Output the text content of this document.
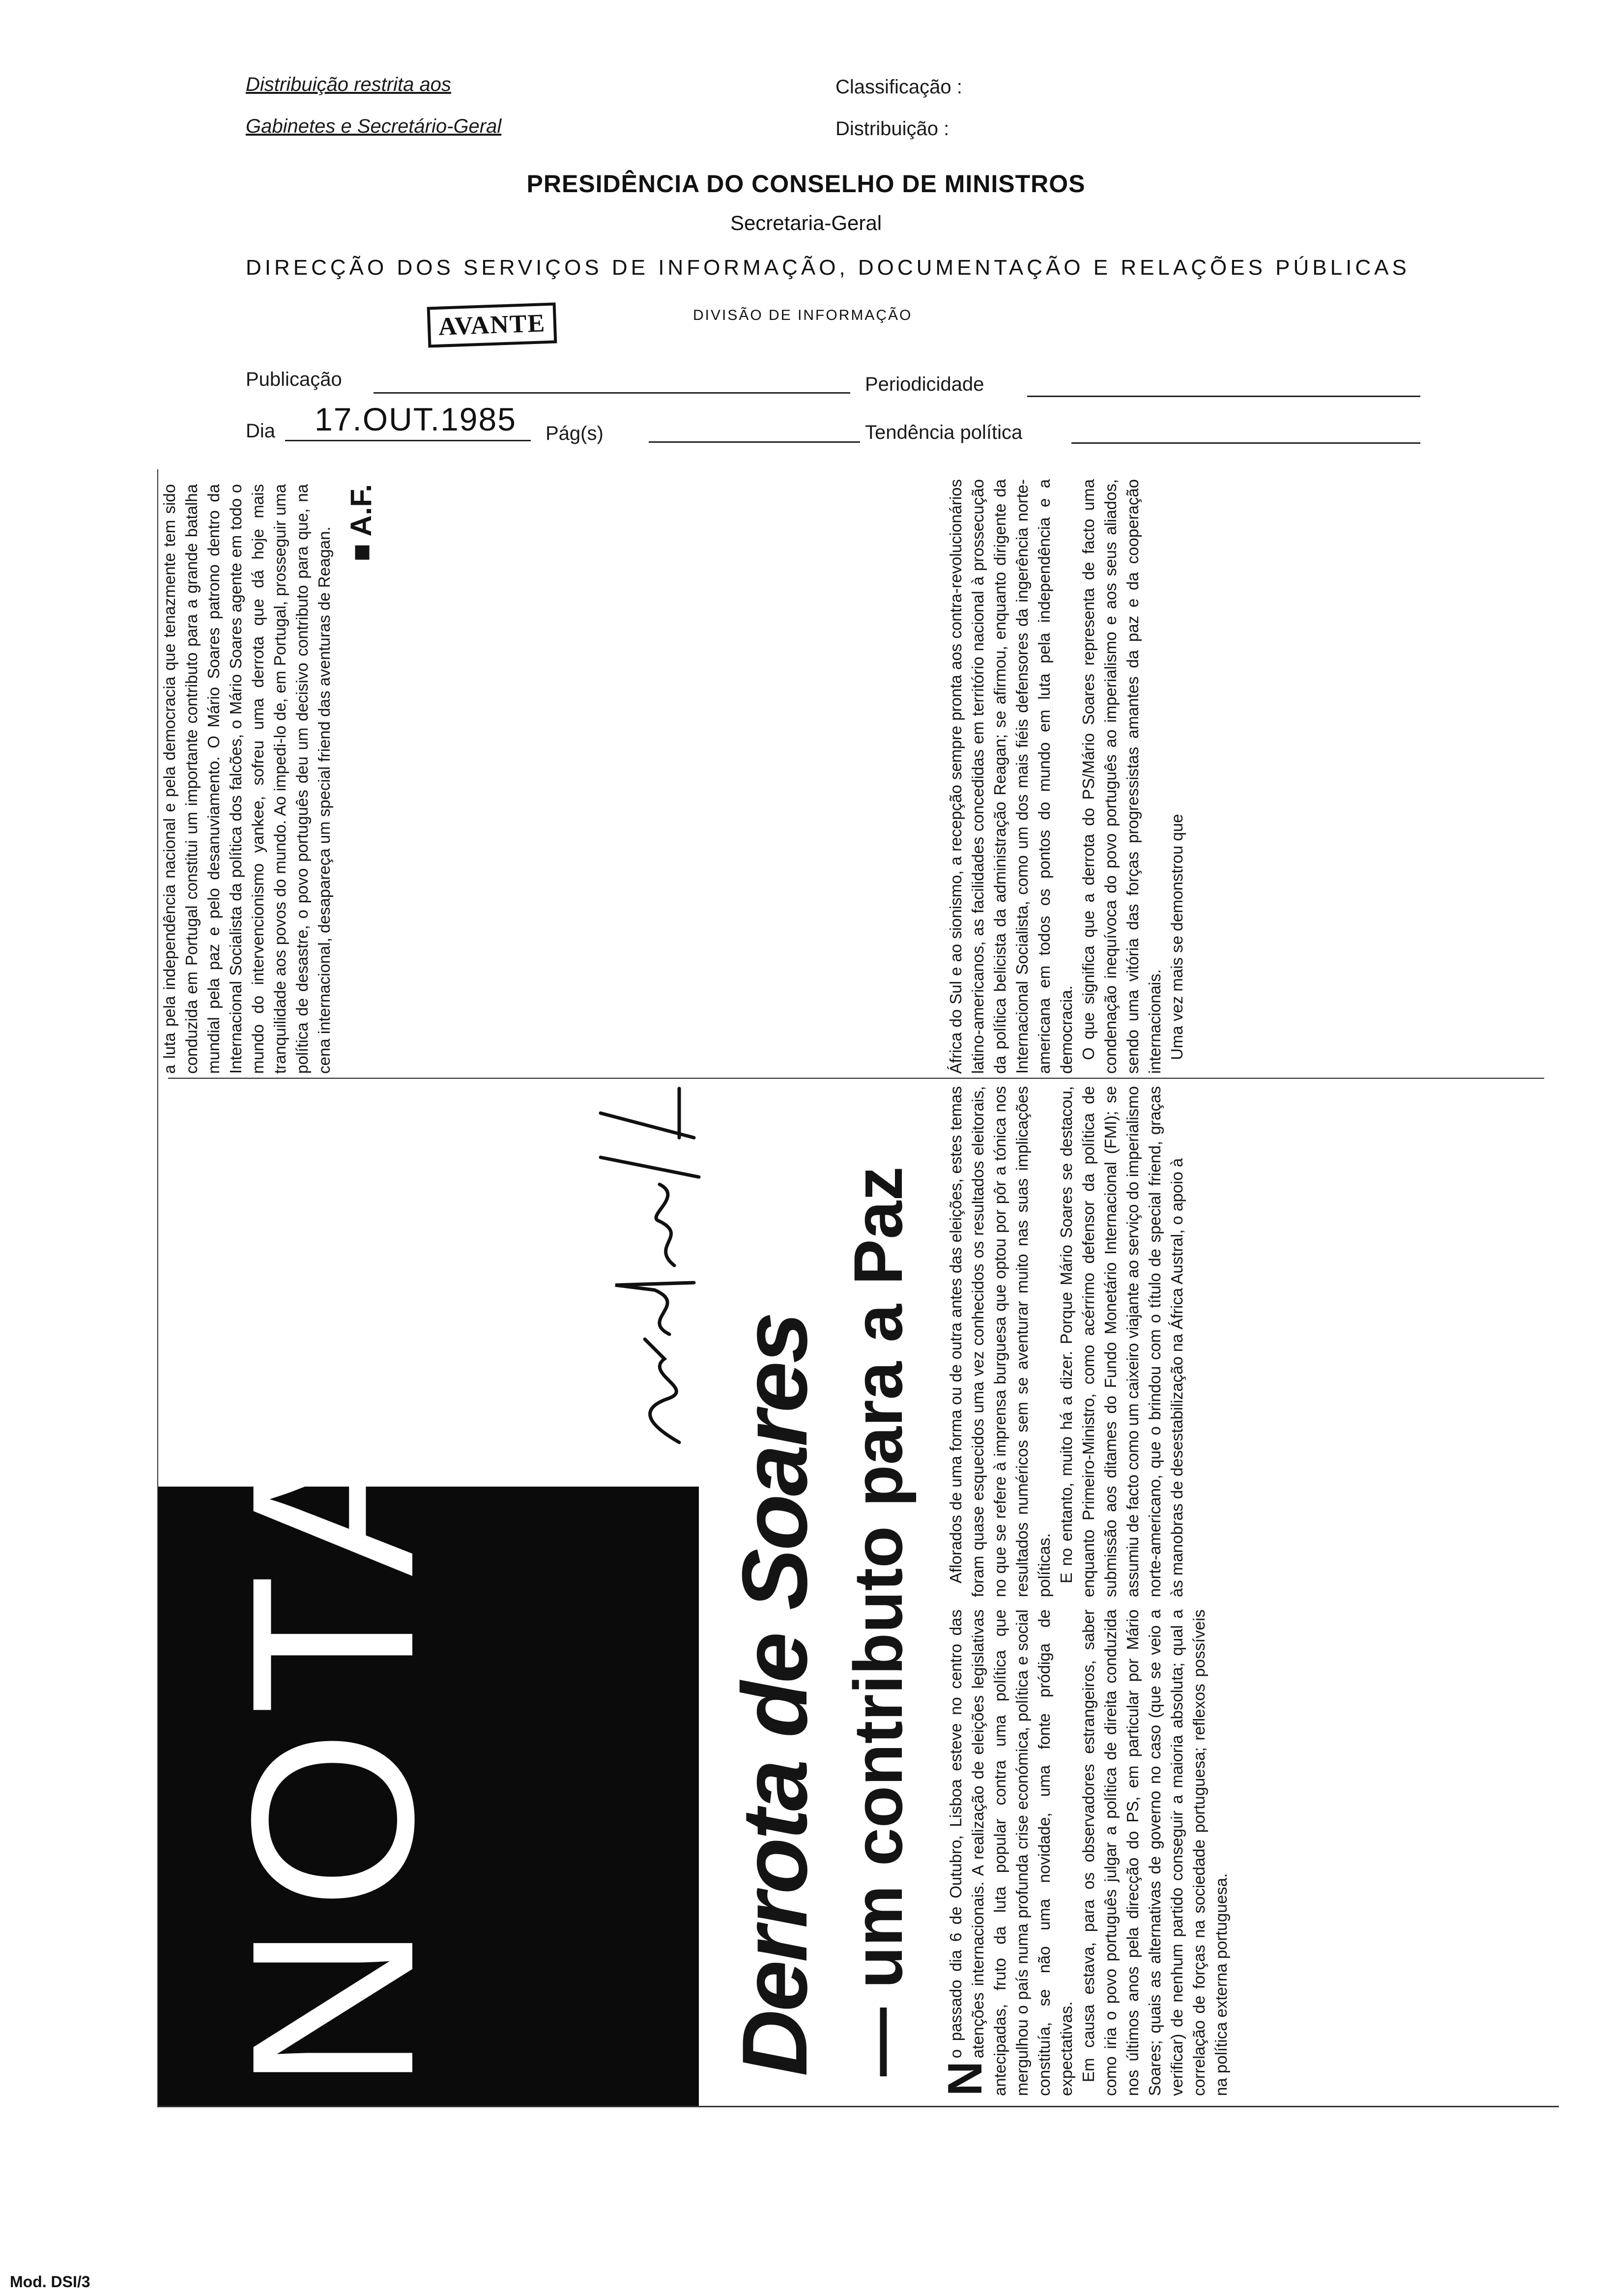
Distribuição restrita aos
Gabinetes e Secretário-Geral
Classificação :
Distribuição :
PRESIDÊNCIA DO CONSELHO DE MINISTROS
Secretaria-Geral
DIRECÇÃO DOS SERVIÇOS DE INFORMAÇÃO, DOCUMENTAÇÃO E RELAÇÕES PÚBLICAS
DIVISÃO DE INFORMAÇÃO
AVANTE
Publicação	Periodicidade
Dia 17.OUT.1985 Pág(s)	Tendência política
NOTAS	Derrota de Soares — um contributo para a Paz

N
o passado dia 6 de Outubro, Lisboa esteve no centro das atenções internacionais. A realização de eleições legislativas antecipadas, fruto da luta popular contra uma política que mergulhou o país numa profunda crise económica, política e social constituía, se não uma novidade, uma fonte pródiga de expectativas. Em causa estava, para os observadores estrangeiros, saber como iria o povo português julgar a política de direita conduzida nos últimos anos pela direcção do PS, em particular por Mário Soares; quais as alternativas de governo no caso (que se veio a verificar) de nenhum partido conseguir a maioria absoluta; qual a correlação de forças na sociedade portuguesa; reflexos possíveis na política externa portuguesa.

Aflorados de uma forma ou de outra antes das eleições, estes temas foram quase esquecidos uma vez conhecidos os resultados eleitorais, no que se refere à imprensa burguesa que optou por pôr a tónica nos resultados numéricos sem se aventurar muito nas suas implicações políticas. E no entanto, muito há a dizer. Porque Mário Soares se destacou, enquanto Primeiro-Ministro, como acérrimo defensor da política de submissão aos ditames do Fundo Monetário Internacional (FMI); se assumiu de facto como um caixeiro viajante ao serviço do imperialismo norte-americano, que o brindou com o título de special friend, graças às manobras de desestabilização na África Austral, o apoio à

África do Sul e ao sionismo, a recepção sempre pronta aos contra-revolucionários latino-americanos, as facilidades concedidas em território nacional à prossecução da política belicista da administração Reagan; se afirmou, enquanto dirigente da Internacional Socialista, como um dos mais fiéis defensores da ingerência norte-americana em todos os pontos do mundo em luta pela independência e a democracia. O que significa que a derrota do PS/Mário Soares representa de facto uma condenação inequívoca do povo português ao imperialismo e aos seus aliados, sendo uma vitória das forças progressistas amantes da paz e da cooperação internacionais. Uma vez mais se demonstrou que

a luta pela independência nacional e pela democracia que tenazmente tem sido conduzida em Portugal constitui um importante contributo para a grande batalha mundial pela paz e pelo desanuviamento. O Mário Soares patrono dentro da Internacional Socialista da política dos falcões, o Mário Soares agente em todo o mundo do intervencionismo yankee, sofreu uma derrota que dá hoje mais tranquilidade aos povos do mundo. Ao impedi-lo de, em Portugal, prosseguir uma política de desastre, o povo português deu um decisivo contributo para que, na cena internacional, desapareça um special friend das aventuras de Reagan.

■ A.F.
Mod. DSI/3
